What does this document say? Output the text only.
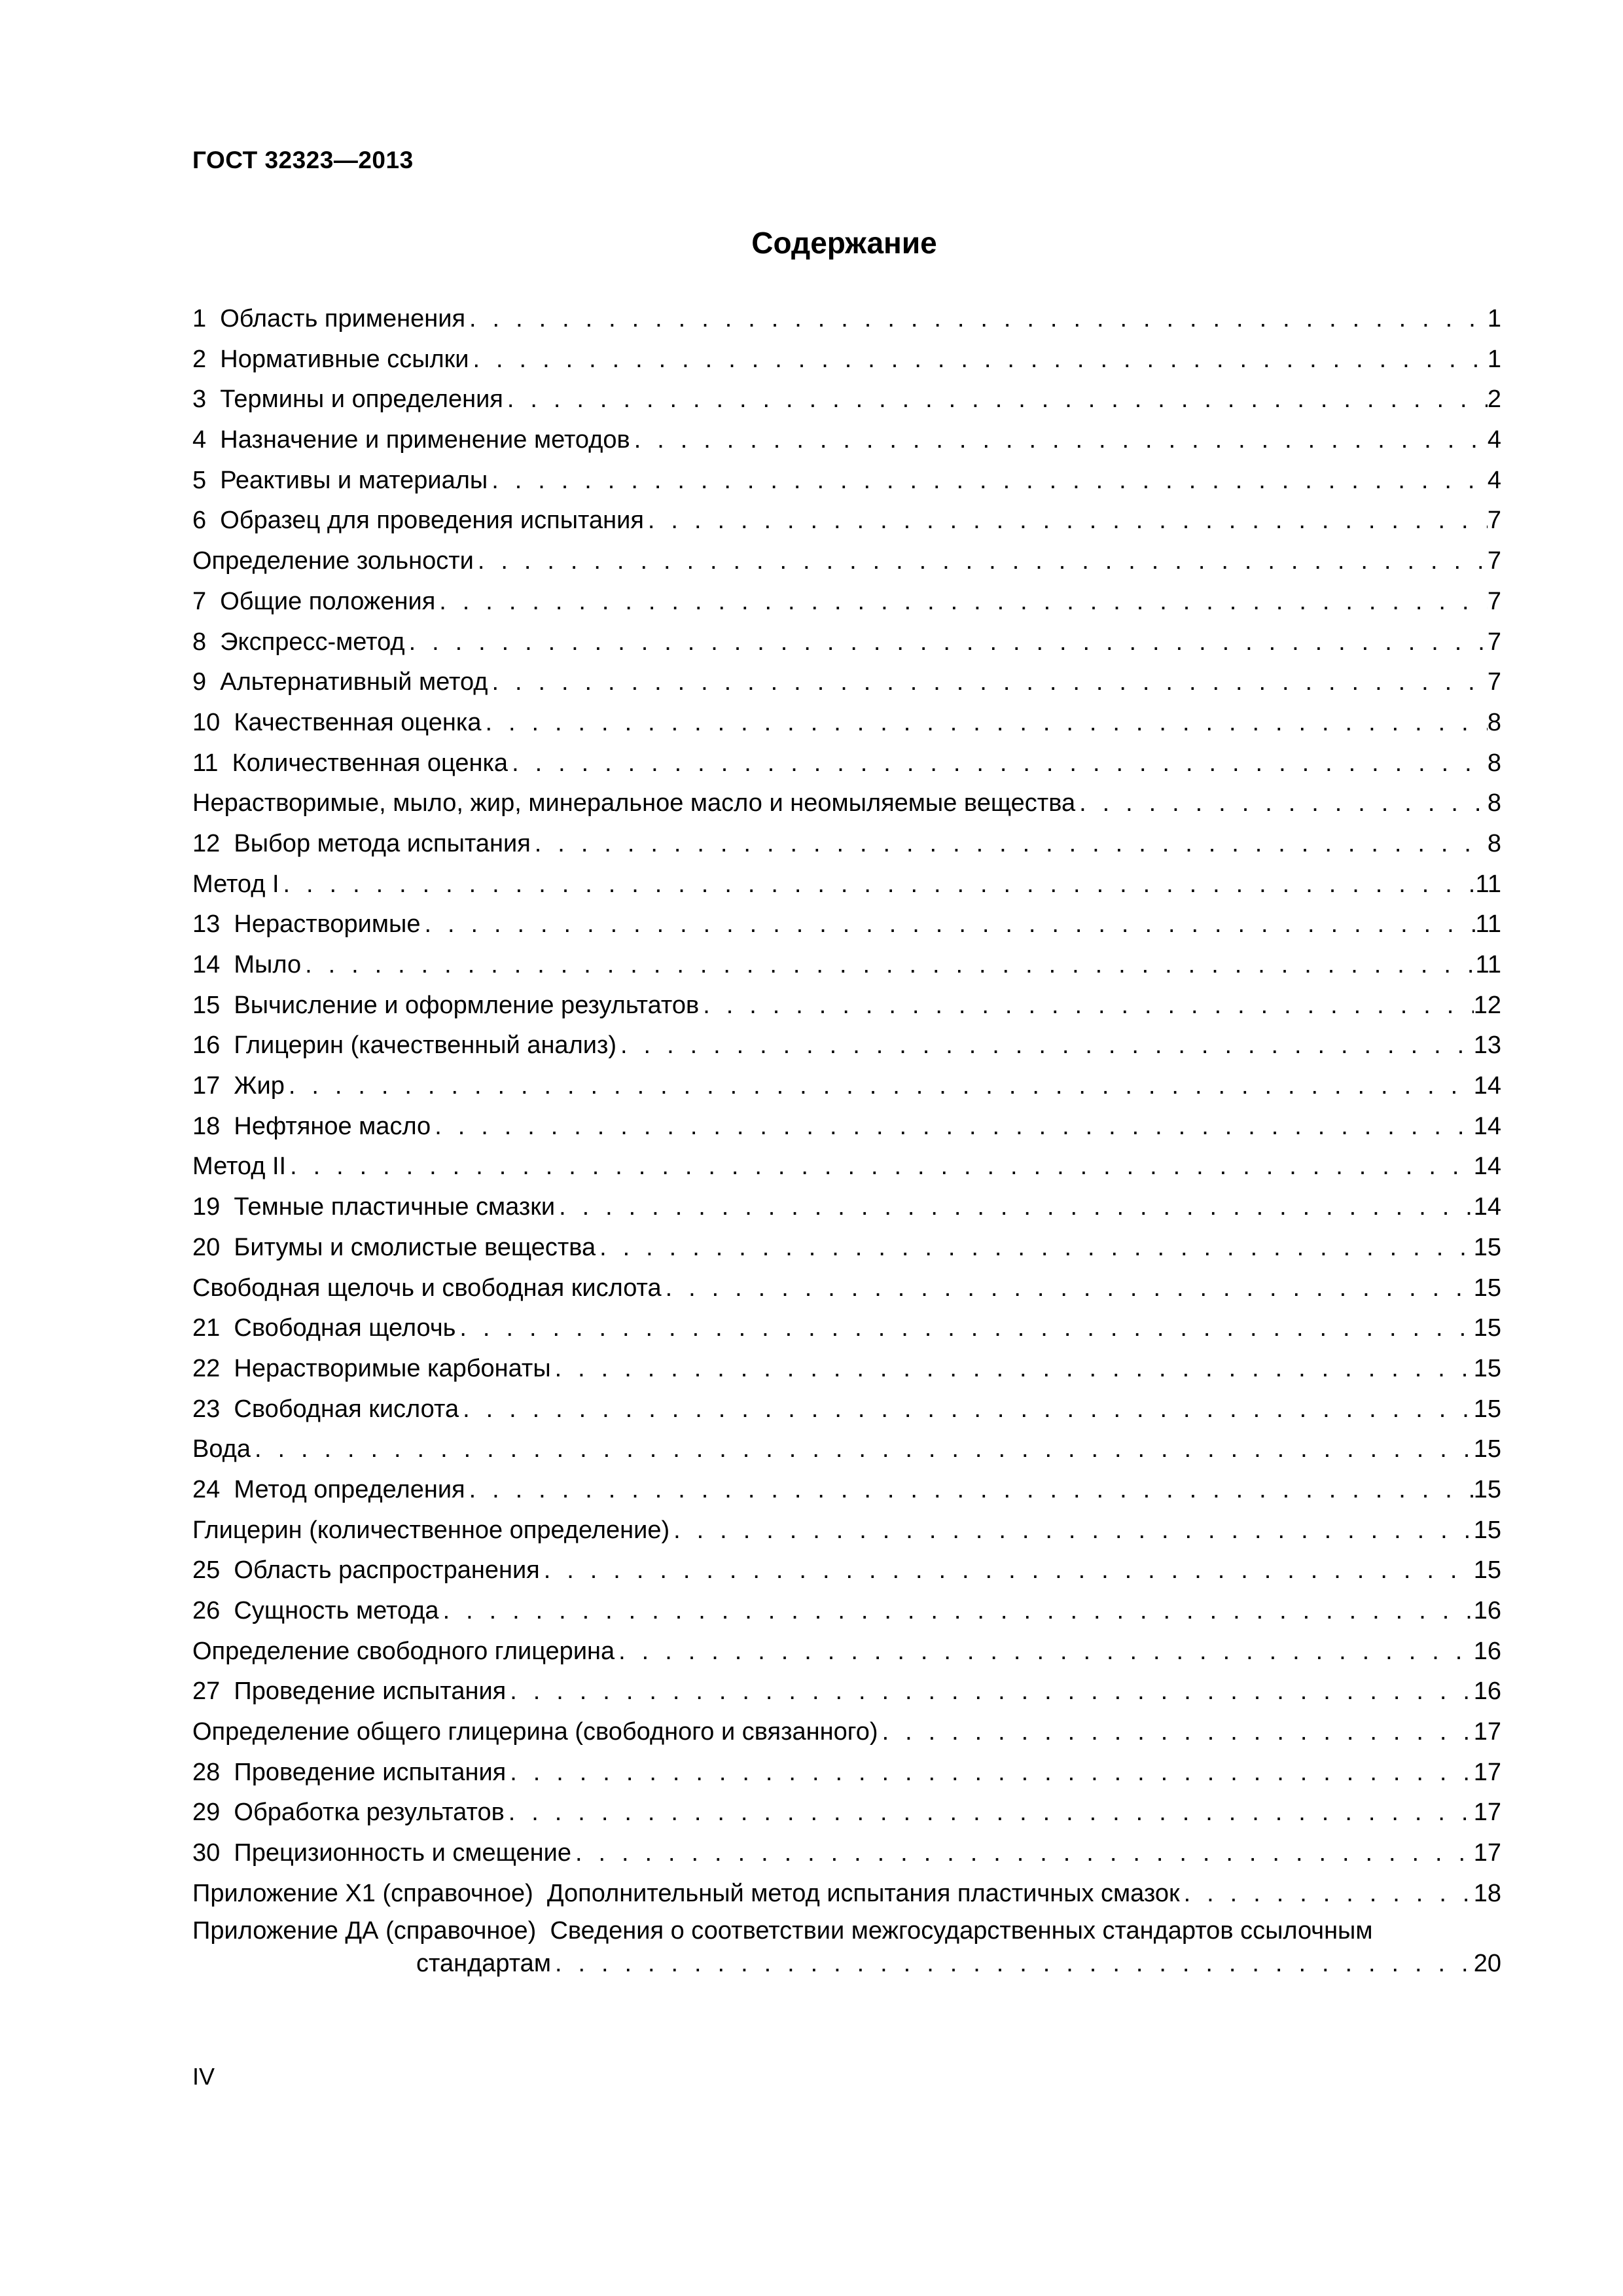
ГОСТ 32323—2013
Содержание
1  Область применения . . .	1
2  Нормативные ссылки . . .	1
3  Термины и определения . . .	2
4  Назначение и применение методов . . .	4
5  Реактивы и материалы . . .	4
6  Образец для проведения испытания . . .	7
Определение зольности . . .	7
7  Общие положения . . .	7
8  Экспресс-метод . . .	7
9  Альтернативный метод . . .	7
10  Качественная оценка . . .	8
11  Количественная оценка . . .	8
Нерастворимые, мыло, жир, минеральное масло и неомыляемые вещества . . .	8
12  Выбор метода испытания . . .	8
Метод I . . .	11
13  Нерастворимые . . .	11
14  Мыло . . .	11
15  Вычисление и оформление результатов . . .	12
16  Глицерин (качественный анализ) . . .	13
17  Жир . . .	14
18  Нефтяное масло . . .	14
Метод II . . .	14
19  Темные пластичные смазки . . .	14
20  Битумы и смолистые вещества . . .	15
Свободная щелочь и свободная кислота . . .	15
21  Свободная щелочь . . .	15
22  Нерастворимые карбонаты . . .	15
23  Свободная кислота . . .	15
Вода . . .	15
24  Метод определения . . .	15
Глицерин (количественное определение) . . .	15
25  Область распространения . . .	15
26  Сущность метода . . .	16
Определение свободного глицерина . . .	16
27  Проведение испытания . . .	16
Определение общего глицерина (свободного и связанного) . . .	17
28  Проведение испытания . . .	17
29  Обработка результатов . . .	17
30  Прецизионность и смещение . . .	17
Приложение Х1 (справочное)  Дополнительный метод испытания пластичных смазок . . .	18
Приложение ДА (справочное)  Сведения о соответствии межгосударственных стандартов ссылочным
стандартам . . .	20
IV
